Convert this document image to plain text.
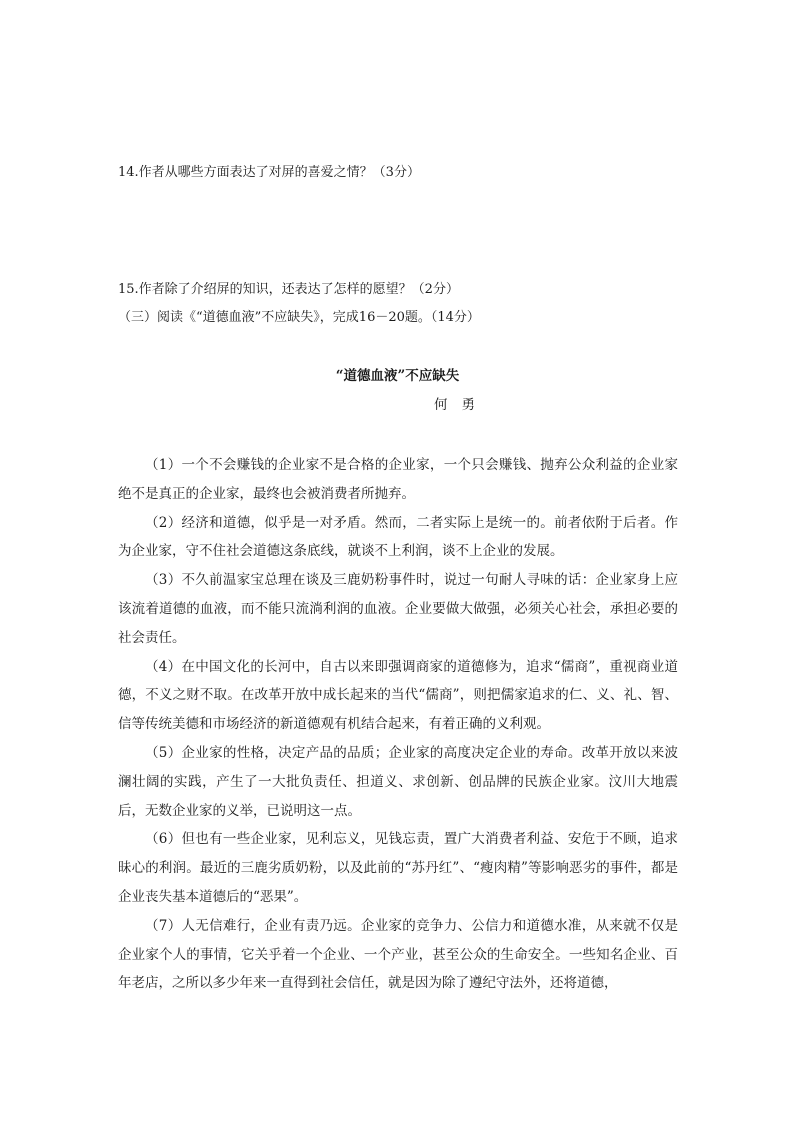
14.作者从哪些方面表达了对屏的喜爱之情？（3分）
15.作者除了介绍屏的知识，还表达了怎样的愿望？（2分）
（三）阅读《“道德血液”不应缺失》，完成16－20题。（14分）
“道德血液”不应缺失
何勇

（1）一个不会赚钱的企业家不是合格的企业家，一个只会赚钱、抛弃公众利益的企业家绝不是真正的企业家，最终也会被消费者所抛弃。

（2）经济和道德，似乎是一对矛盾。然而，二者实际上是统一的。前者依附于后者。作为企业家，守不住社会道德这条底线，就谈不上利润，谈不上企业的发展。

（3）不久前温家宝总理在谈及三鹿奶粉事件时，说过一句耐人寻味的话：企业家身上应该流着道德的血液，而不能只流淌利润的血液。企业要做大做强，必须关心社会，承担必要的社会责任。

（4）在中国文化的长河中，自古以来即强调商家的道德修为，追求“儒商”，重视商业道德，不义之财不取。在改革开放中成长起来的当代“儒商”，则把儒家追求的仁、义、礼、智、信等传统美德和市场经济的新道德观有机结合起来，有着正确的义利观。

（5）企业家的性格，决定产品的品质；企业家的高度决定企业的寿命。改革开放以来波澜壮阔的实践，产生了一大批负责任、担道义、求创新、创品牌的民族企业家。汶川大地震后，无数企业家的义举，已说明这一点。

（6）但也有一些企业家，见利忘义，见钱忘责，置广大消费者利益、安危于不顾，追求昧心的利润。最近的三鹿劣质奶粉，以及此前的“苏丹红”、“瘦肉精”等影响恶劣的事件，都是企业丧失基本道德后的“恶果”。

（7）人无信难行，企业有责乃远。企业家的竞争力、公信力和道德水准，从来就不仅是企业家个人的事情，它关乎着一个企业、一个产业，甚至公众的生命安全。一些知名企业、百年老店，之所以多少年来一直得到社会信任，就是因为除了遵纪守法外，还将道德，
